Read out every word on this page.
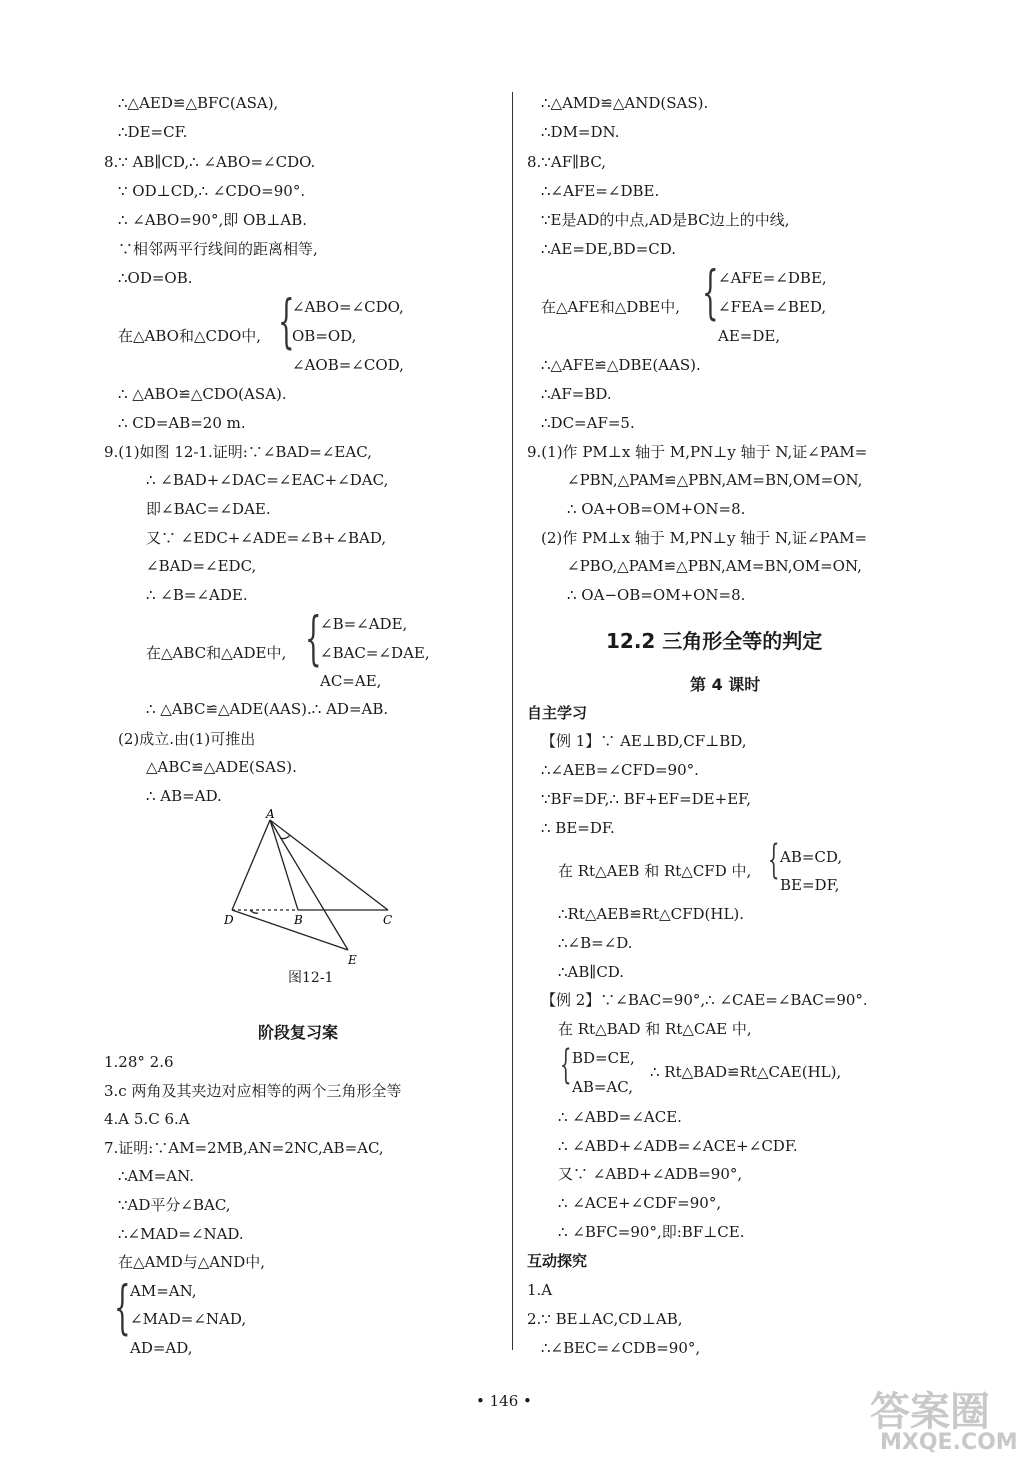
∴△AED≌△BFC(ASA),
∴DE=CF.
8.∵ AB∥CD,∴ ∠ABO=∠CDO.
∵ OD⊥CD,∴ ∠CDO=90°.
∴ ∠ABO=90°,即 OB⊥AB.
∵相邻两平行线间的距离相等,
∴OD=OB.
在△ABO和△CDO中, {
∠ABO=∠CDO,
OB=OD,
∠AOB=∠COD,
∴ △ABO≌△CDO(ASA).
∴ CD=AB=20 m.
9.(1)如图 12-1.证明:∵∠BAD=∠EAC,
∴ ∠BAD+∠DAC=∠EAC+∠DAC,
即∠BAC=∠DAE.
又∵ ∠EDC+∠ADE=∠B+∠BAD,
∠BAD=∠EDC,
∴ ∠B=∠ADE.
在△ABC和△ADE中, {
∠B=∠ADE,
∠BAC=∠DAE,
AC=AE,
∴ △ABC≌△ADE(AAS).∴ AD=AB.
(2)成立.由(1)可推出
△ABC≌△ADE(SAS).
∴ AB=AD.
A
B	C
D
E
图12-1
阶段复习案
1.28° 2.6
3.c 两角及其夹边对应相等的两个三角形全等
4.A 5.C 6.A
7.证明:∵AM=2MB,AN=2NC,AB=AC,
∴AM=AN.
∵AD平分∠BAC,
∴∠MAD=∠NAD.
在△AMD与△AND中,
{ AM=AN,
∠MAD=∠NAD,
AD=AD,
∴△AMD≌△AND(SAS).
∴DM=DN.
8.∵AF∥BC,
∴∠AFE=∠DBE.
∵E是AD的中点,AD是BC边上的中线,
∴AE=DE,BD=CD.
在△AFE和△DBE中, { ∠AFE=∠DBE,
∠FEA=∠BED,
AE=DE,
∴△AFE≌△DBE(AAS).
∴AF=BD.
∴DC=AF=5.
9.(1)作 PM⊥x 轴于 M,PN⊥y 轴于 N,证∠PAM=
∠PBN,△PAM≌△PBN,AM=BN,OM=ON,
∴ OA+OB=OM+ON=8.
(2)作 PM⊥x 轴于 M,PN⊥y 轴于 N,证∠PAM=
∠PBO,△PAM≌△PBN,AM=BN,OM=ON,
∴ OA−OB=OM+ON=8.
12.2 三角形全等的判定
第 4 课时
自主学习
【例 1】∵ AE⊥BD,CF⊥BD,
∴∠AEB=∠CFD=90°.
∵BF=DF,∴ BF+EF=DE+EF,
∴ BE=DF.
在 Rt△AEB 和 Rt△CFD 中, { AB=CD,
BE=DF,
∴Rt△AEB≌Rt△CFD(HL).
∴∠B=∠D.
∴AB∥CD.
【例 2】∵∠BAC=90°,∴ ∠CAE=∠BAC=90°.
在 Rt△BAD 和 Rt△CAE 中,
{ BD=CE,
AB=AC,
∴ Rt△BAD≌Rt△CAE(HL),
∴ ∠ABD=∠ACE.
∴ ∠ABD+∠ADB=∠ACE+∠CDF.
又∵ ∠ABD+∠ADB=90°,
∴ ∠ACE+∠CDF=90°,
∴ ∠BFC=90°,即:BF⊥CE.
互动探究
1.A
2.∵ BE⊥AC,CD⊥AB,
∴∠BEC=∠CDB=90°,
• 146 •	答案圈
MXQE.COM
